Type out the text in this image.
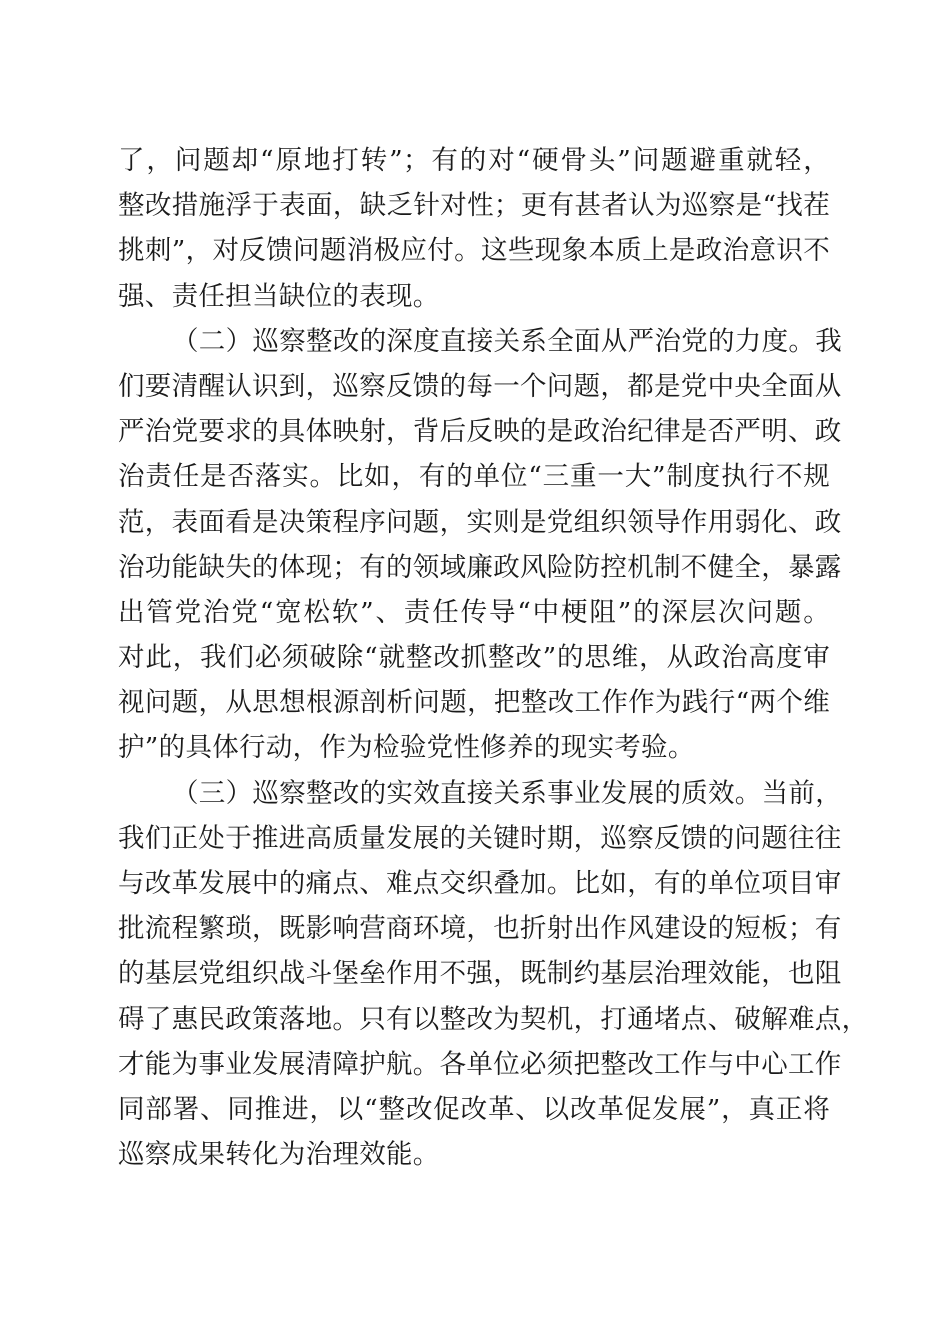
了，问题却“原地打转”；有的对“硬骨头”问题避重就轻，
整改措施浮于表面，缺乏针对性；更有甚者认为巡察是“找茬
挑刺”，对反馈问题消极应付。这些现象本质上是政治意识不
强、责任担当缺位的表现。
（二）巡察整改的深度直接关系全面从严治党的力度。我
们要清醒认识到，巡察反馈的每一个问题，都是党中央全面从
严治党要求的具体映射，背后反映的是政治纪律是否严明、政
治责任是否落实。比如，有的单位“三重一大”制度执行不规
范，表面看是决策程序问题，实则是党组织领导作用弱化、政
治功能缺失的体现；有的领域廉政风险防控机制不健全，暴露
出管党治党“宽松软”、责任传导“中梗阻”的深层次问题。
对此，我们必须破除“就整改抓整改”的思维，从政治高度审
视问题，从思想根源剖析问题，把整改工作作为践行“两个维
护”的具体行动，作为检验党性修养的现实考验。
（三）巡察整改的实效直接关系事业发展的质效。当前，
我们正处于推进高质量发展的关键时期，巡察反馈的问题往往
与改革发展中的痛点、难点交织叠加。比如，有的单位项目审
批流程繁琐，既影响营商环境，也折射出作风建设的短板；有
的基层党组织战斗堡垒作用不强，既制约基层治理效能，也阻
碍了惠民政策落地。只有以整改为契机，打通堵点、破解难点，
才能为事业发展清障护航。各单位必须把整改工作与中心工作
同部署、同推进，以“整改促改革、以改革促发展”，真正将
巡察成果转化为治理效能。
